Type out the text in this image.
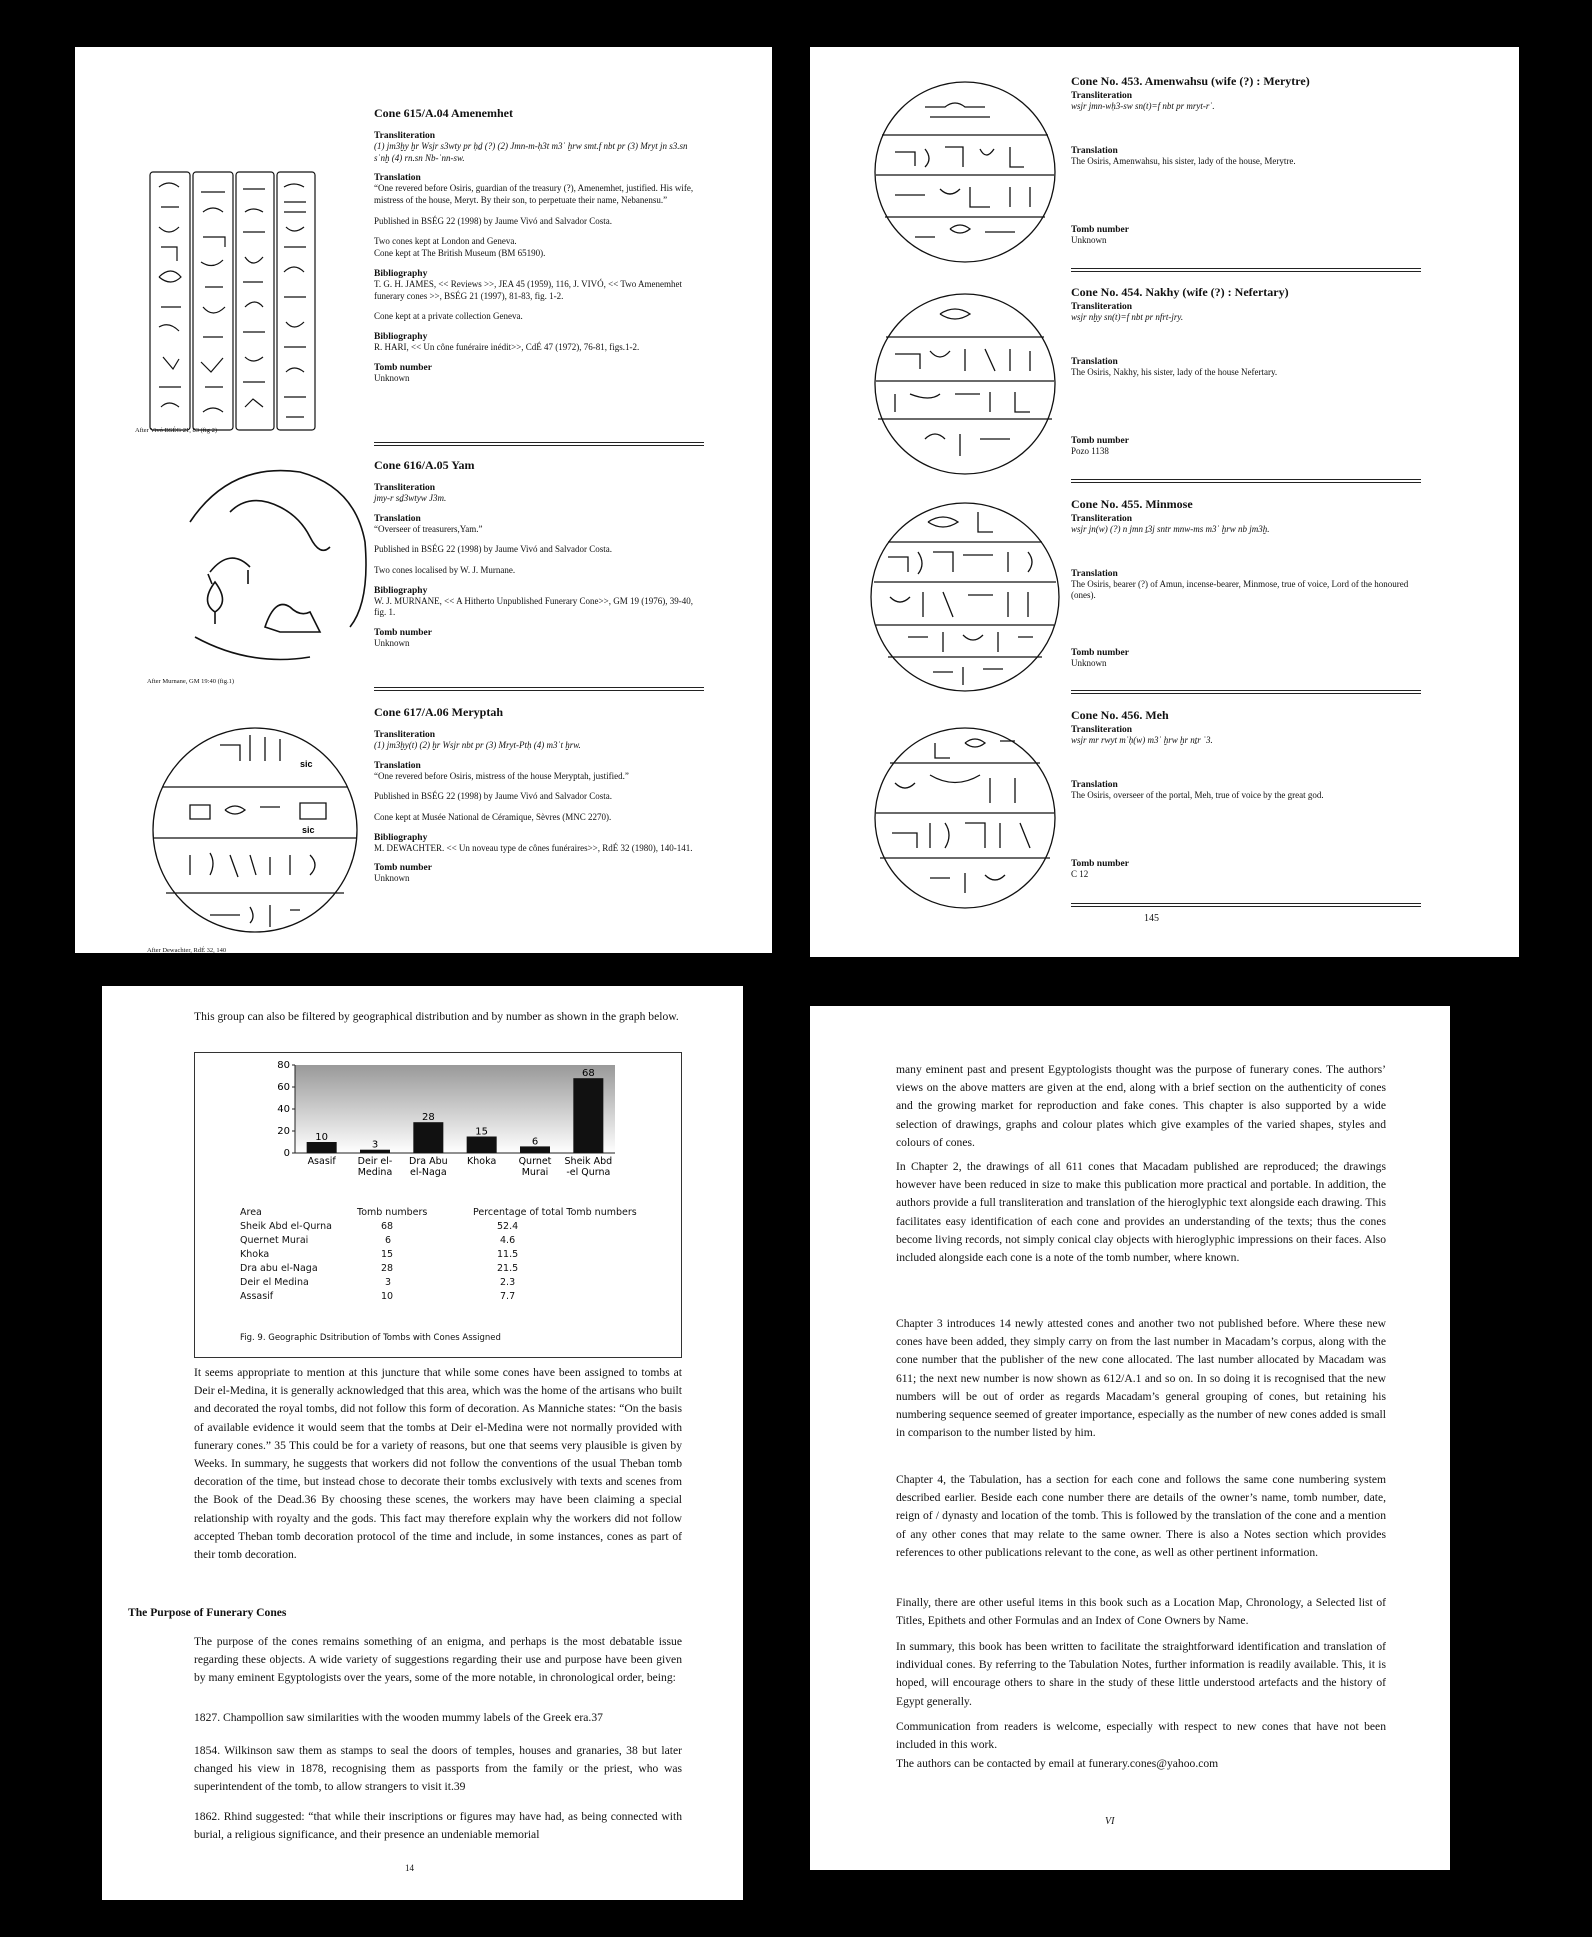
After Vivó BSÉG 21, 83 (fig 2)
After Murnane, GM 19:40 (fig.1)
sic
sic
Cone 615/A.04 Amenemhet
Transliteration
(1) jm3ḫy ḫr Wsjr s3wty pr ḥḏ (?) (2) Jmn-m-ḥ3t m3ʿ ḫrw smt.f nbt pr (3) Mryt jn s3.sn sʿnḫ (4) rn.sn Nb-ʿnn-sw.
Translation
“One revered before Osiris, guardian of the treasury (?), Amenemhet, justified. His wife, mistress of the house, Meryt. By their son, to perpetuate their name, Nebanensu.”
Published in BSÉG 22 (1998) by Jaume Vivó and Salvador Costa.
Two cones kept at London and Geneva.
Cone kept at The British Museum (BM 65190).
Bibliography
T. G. H. JAMES, << Reviews >>, JEA 45 (1959), 116, J. VIVÓ, << Two Amenemhet funerary cones >>, BSÉG 21 (1997), 81-83, fig. 1-2.
Cone kept at a private collection Geneva.
Bibliography
R. HARI, << Un cône funéraire inédit>>, CdÉ 47 (1972), 76-81, figs.1-2.
Tomb number
Unknown
Cone 616/A.05 Yam
Transliteration
jmy-r sḏ3wtyw J3m.
Translation
“Overseer of treasurers,Yam.”
Published in BSÉG 22 (1998) by Jaume Vivó and Salvador Costa.
Two cones localised by W. J. Murnane.
Bibliography
W. J. MURNANE, << A Hitherto Unpublished Funerary Cone>>, GM 19 (1976), 39-40, fig. 1.
Tomb number
Unknown
Cone 617/A.06 Meryptah
Transliteration
(1) jm3ḫy(t) (2) ḫr Wsjr nbt pr (3) Mryt-Ptḥ (4) m3ʿt ḫrw.
Translation
“One revered before Osiris, mistress of the house Meryptah, justified.”
Published in BSÉG 22 (1998) by Jaume Vivó and Salvador Costa.
Cone kept at Musée National de Céramique, Sèvres (MNC 2270).
Bibliography
M. DEWACHTER. << Un noveau type de cônes funéraires>>, RdÉ 32 (1980), 140-141.
Tomb number
Unknown
After Dewachter, RdÉ 32, 140
Cone No. 453. Amenwahsu (wife (?) : Merytre)
Transliteration
wsjr jmn-wḥ3-sw sn(t)=f nbt pr mryt-rʿ.
Translation
The Osiris, Amenwahsu, his sister, lady of the house, Merytre.
Tomb number
Unknown
Cone No. 454. Nakhy (wife (?) : Nefertary)
Transliteration
wsjr nḫy sn(t)=f nbt pr nfrt-jry.
Translation
The Osiris, Nakhy, his sister, lady of the house Nefertary.
Tomb number
Pozo 1138
Cone No. 455. Minmose
Transliteration
wsjr jn(w) (?) n jmn ṯ3j sntr mnw-ms m3ʿ ḫrw nb jm3ḫ.
Translation
The Osiris, bearer (?) of Amun, incense-bearer, Minmose, true of voice, Lord of the honoured (ones).
Tomb number
Unknown
Cone No. 456. Meh
Transliteration
wsjr mr rwyt mʿḥ(w) m3ʿ ḫrw ḫr nṯr ʿ3.
Translation
The Osiris, overseer of the portal, Meh, true of voice by the great god.
Tomb number
C 12
145

This group can also be filtered by geographical distribution and by number as shown in the graph below.

0
20
40
60
80
10
Asasif
3
Deir el-Medina
28
Dra Abu el-Naga
15
Khoka
6
Qurnet Murai
68
Sheik Abd -el Qurna
Area	Tomb numbers	Percentage of total Tomb numbers
Sheik Abd el-Qurna	68	52.4
Quernet Murai	6	4.6
Khoka	15	11.5
Dra abu el-Naga	28	21.5
Deir el Medina	3	2.3
Assasif	10	7.7
Fig. 9. Geographic Dsitribution of Tombs with Cones Assigned

It seems appropriate to mention at this juncture that while some cones have been assigned to tombs at Deir el-Medina, it is generally acknowledged that this area, which was the home of the artisans who built and decorated the royal tombs, did not follow this form of decoration. As Manniche states: “On the basis of available evidence it would seem that the tombs at Deir el-Medina were not normally provided with funerary cones.” 35 This could be for a variety of reasons, but one that seems very plausible is given by Weeks. In summary, he suggests that workers did not follow the conventions of the usual Theban tomb decoration of the time, but instead chose to decorate their tombs exclusively with texts and scenes from the Book of the Dead.36 By choosing these scenes, the workers may have been claiming a special relationship with royalty and the gods. This fact may therefore explain why the workers did not follow accepted Theban tomb decoration protocol of the time and include, in some instances, cones as part of their tomb decoration.

The Purpose of Funerary Cones

The purpose of the cones remains something of an enigma, and perhaps is the most debatable issue regarding these objects. A wide variety of suggestions regarding their use and purpose have been given by many eminent Egyptologists over the years, some of the more notable, in chronological order, being:

1827. Champollion saw similarities with the wooden mummy labels of the Greek era.37

1854. Wilkinson saw them as stamps to seal the doors of temples, houses and granaries, 38 but later changed his view in 1878, recognising them as passports from the family or the priest, who was superintendent of the tomb, to allow strangers to visit it.39

1862. Rhind suggested: “that while their inscriptions or figures may have had, as being connected with burial, a religious significance, and their presence an undeniable memorial

14

many eminent past and present Egyptologists thought was the purpose of funerary cones. The authors’ views on the above matters are given at the end, along with a brief section on the authenticity of cones and the growing market for reproduction and fake cones. This chapter is also supported by a wide selection of drawings, graphs and colour plates which give examples of the varied shapes, styles and colours of cones.

In Chapter 2, the drawings of all 611 cones that Macadam published are reproduced; the drawings however have been reduced in size to make this publication more practical and portable. In addition, the authors provide a full transliteration and translation of the hieroglyphic text alongside each drawing. This facilitates easy identification of each cone and provides an understanding of the texts; thus the cones become living records, not simply conical clay objects with hieroglyphic impressions on their faces. Also included alongside each cone is a note of the tomb number, where known.

Chapter 3 introduces 14 newly attested cones and another two not published before. Where these new cones have been added, they simply carry on from the last number in Macadam’s corpus, along with the cone number that the publisher of the new cone allocated. The last number allocated by Macadam was 611; the next new number is now shown as 612/A.1 and so on. In so doing it is recognised that the new numbers will be out of order as regards Macadam’s general grouping of cones, but retaining his numbering sequence seemed of greater importance, especially as the number of new cones added is small in comparison to the number listed by him.

Chapter 4, the Tabulation, has a section for each cone and follows the same cone numbering system described earlier. Beside each cone number there are details of the owner’s name, tomb number, date, reign of / dynasty and location of the tomb. This is followed by the translation of the cone and a mention of any other cones that may relate to the same owner. There is also a Notes section which provides references to other publications relevant to the cone, as well as other pertinent information.

Finally, there are other useful items in this book such as a Location Map, Chronology, a Selected list of Titles, Epithets and other Formulas and an Index of Cone Owners by Name.

In summary, this book has been written to facilitate the straightforward identification and translation of individual cones. By referring to the Tabulation Notes, further information is readily available. This, it is hoped, will encourage others to share in the study of these little understood artefacts and the history of Egypt generally.

Communication from readers is welcome, especially with respect to new cones that have not been included in this work.

The authors can be contacted by email at funerary.cones@yahoo.com

VI
